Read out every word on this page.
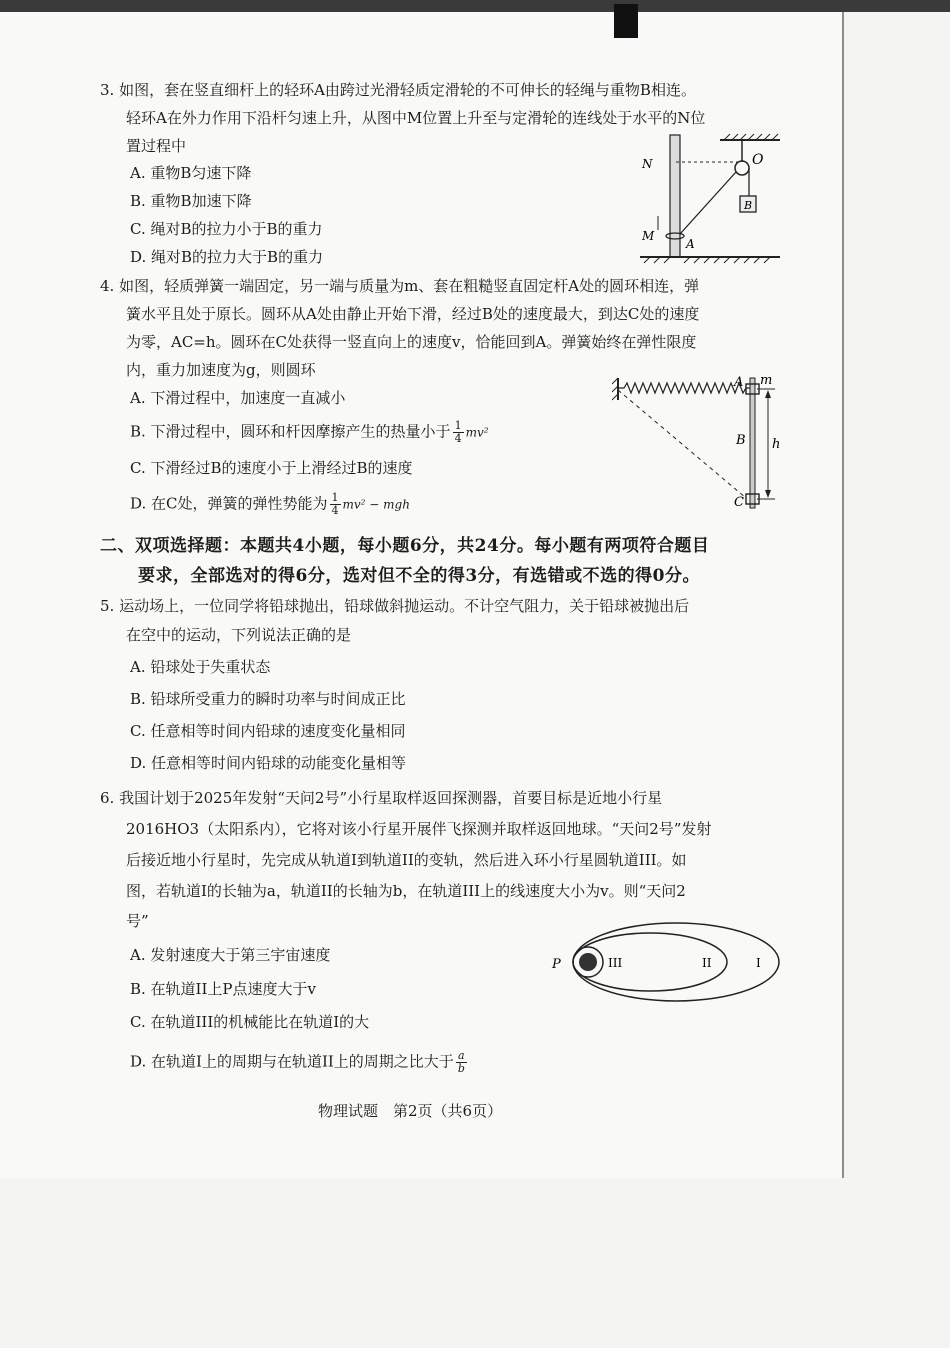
3. 如图，套在竖直细杆上的轻环A由跨过光滑轻质定滑轮的不可伸长的轻绳与重物B相连。
轻环A在外力作用下沿杆匀速上升，从图中M位置上升至与定滑轮的连线处于水平的N位
置过程中
A. 重物B匀速下降
B. 重物B加速下降
C. 绳对B的拉力小于B的重力
D. 绳对B的拉力大于B的重力
N	O
B
M
A
4. 如图，轻质弹簧一端固定，另一端与质量为m、套在粗糙竖直固定杆A处的圆环相连，弹
簧水平且处于原长。圆环从A处由静止开始下滑，经过B处的速度最大，到达C处的速度
为零，AC=h。圆环在C处获得一竖直向上的速度v，恰能回到A。弹簧始终在弹性限度
内，重力加速度为g，则圆环
A. 下滑过程中，加速度一直减小
B. 下滑过程中，圆环和杆因摩擦产生的热量小于 $\frac{1}{4} mv^2$
C. 下滑经过B的速度小于上滑经过B的速度
D. 在C处，弹簧的弹性势能为 $\frac{1}{4} mv^2$ − mgh
A m
B h
C
二、双项选择题：本题共4小题，每小题6分，共24分。每小题有两项符合题目
要求，全部选对的得6分，选对但不全的得3分，有选错或不选的得0分。
5. 运动场上，一位同学将铅球抛出，铅球做斜抛运动。不计空气阻力，关于铅球被抛出后
在空中的运动，下列说法正确的是
A. 铅球处于失重状态
B. 铅球所受重力的瞬时功率与时间成正比
C. 任意相等时间内铅球的速度变化量相同
D. 任意相等时间内铅球的动能变化量相等
6. 我国计划于2025年发射“天问2号”小行星取样返回探测器，首要目标是近地小行星
2016HO3（太阳系内），它将对该小行星开展伴飞探测并取样返回地球。“天问2号”发射
后接近地小行星时，先完成从轨道I到轨道II的变轨，然后进入环小行星圆轨道III。如
图，若轨道I的长轴为a，轨道II的长轴为b，在轨道III上的线速度大小为v。则“天问2
号”
A. 发射速度大于第三宇宙速度
B. 在轨道II上P点速度大于v
C. 在轨道III的机械能比在轨道I的大
D. 在轨道I上的周期与在轨道II上的周期之比大于 $\frac{a}{b}$
P	III	II	I
物理试题　第2页（共6页）
